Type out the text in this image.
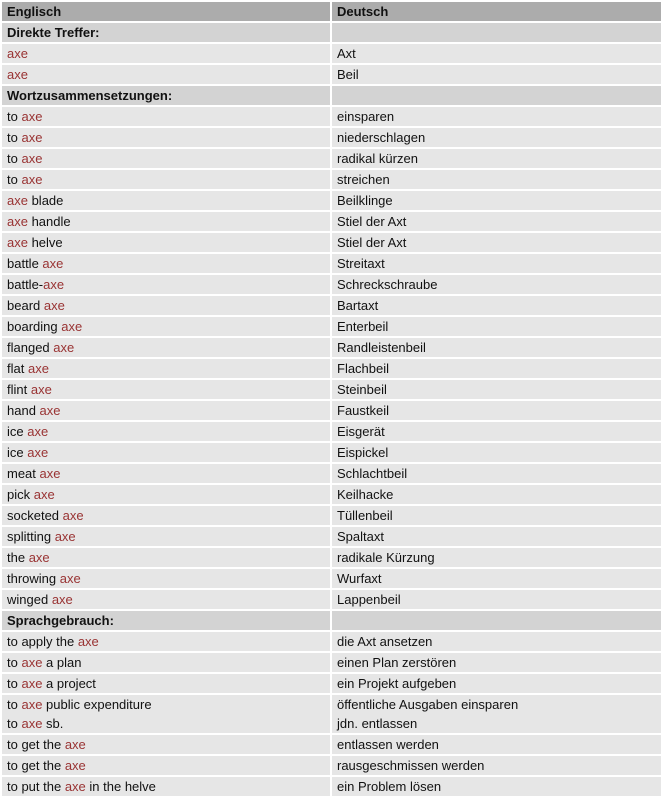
Englisch	Deutsch
Direkte Treffer:
axe	Axt
axe	Beil
Wortzusammensetzungen:
to axe	einsparen
to axe	niederschlagen
to axe	radikal kürzen
to axe	streichen
axe blade	Beilklinge
axe handle	Stiel der Axt
axe helve	Stiel der Axt
battle axe	Streitaxt
battle-axe	Schreckschraube
beard axe	Bartaxt
boarding axe	Enterbeil
flanged axe	Randleistenbeil
flat axe	Flachbeil
flint axe	Steinbeil
hand axe	Faustkeil
ice axe	Eisgerät
ice axe	Eispickel
meat axe	Schlachtbeil
pick axe	Keilhacke
socketed axe	Tüllenbeil
splitting axe	Spaltaxt
the axe	radikale Kürzung
throwing axe	Wurfaxt
winged axe	Lappenbeil
Sprachgebrauch:
to apply the axe	die Axt ansetzen
to axe a plan	einen Plan zerstören
to axe a project	ein Projekt aufgeben
to axe public expenditure	öffentliche Ausgaben einsparen
to axe sb.	jdn. entlassen
to get the axe	entlassen werden
to get the axe	rausgeschmissen werden
to put the axe in the helve	ein Problem lösen
